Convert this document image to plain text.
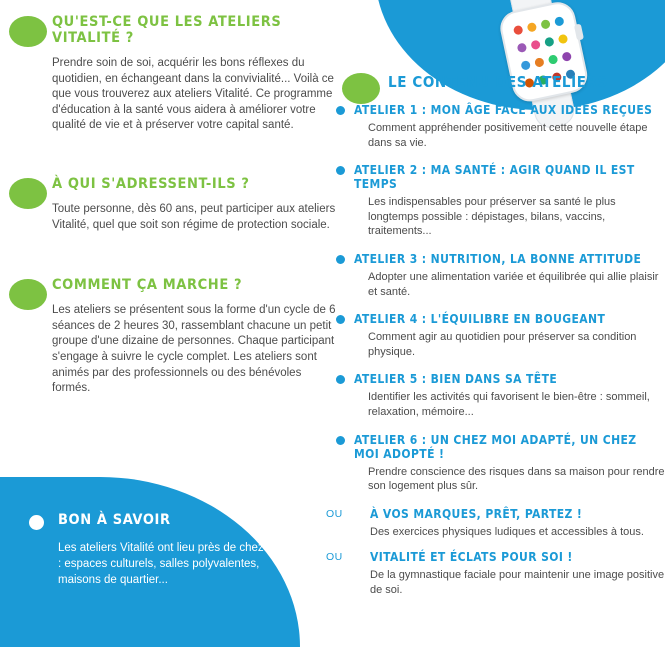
QU'EST-CE QUE LES ATELIERS VITALITÉ ?
Prendre soin de soi, acquérir les bons réflexes du quotidien, en échangeant dans la convivialité... Voilà ce que vous trouverez aux ateliers Vitalité. Ce programme d'éducation à la santé vous aidera à améliorer votre qualité de vie et à préserver votre capital santé.
À QUI S'ADRESSENT-ILS ?
Toute personne, dès 60 ans, peut participer aux ateliers Vitalité, quel que soit son régime de protection sociale.
COMMENT ÇA MARCHE ?
Les ateliers se présentent sous la forme d'un cycle de 6 séances de 2 heures 30, rassemblant chacune un petit groupe d'une dizaine de personnes. Chaque participant s'engage à suivre le cycle complet. Les ateliers sont animés par des professionnels ou des bénévoles formés.
BON À SAVOIR
Les ateliers Vitalité ont lieu près de chez vous : espaces culturels, salles polyvalentes, maisons de quartier...
LE CONTENU DES ATELIERS
ATELIER 1 : MON ÂGE FACE AUX IDÉES REÇUES
Comment appréhender positivement cette nouvelle étape dans sa vie.
ATELIER 2 : MA SANTÉ : AGIR QUAND IL EST TEMPS
Les indispensables pour préserver sa santé le plus longtemps possible : dépistages, bilans, vaccins, traitements...
ATELIER 3 : NUTRITION, LA BONNE ATTITUDE
Adopter une alimentation variée et équilibrée qui allie plaisir et santé.
ATELIER 4 : L'ÉQUILIBRE EN BOUGEANT
Comment agir au quotidien pour préserver sa condition physique.
ATELIER 5 : BIEN DANS SA TÊTE
Identifier les activités qui favorisent le bien-être : sommeil, relaxation, mémoire...
ATELIER 6 : UN CHEZ MOI ADAPTÉ, UN CHEZ MOI ADOPTÉ !
Prendre conscience des risques dans sa maison pour rendre son logement plus sûr.
OU	À VOS MARQUES, PRÊT, PARTEZ !
Des exercices physiques ludiques et accessibles à tous.
OU	VITALITÉ ET ÉCLATS POUR SOI !
De la gymnastique faciale pour maintenir une image positive de soi.
